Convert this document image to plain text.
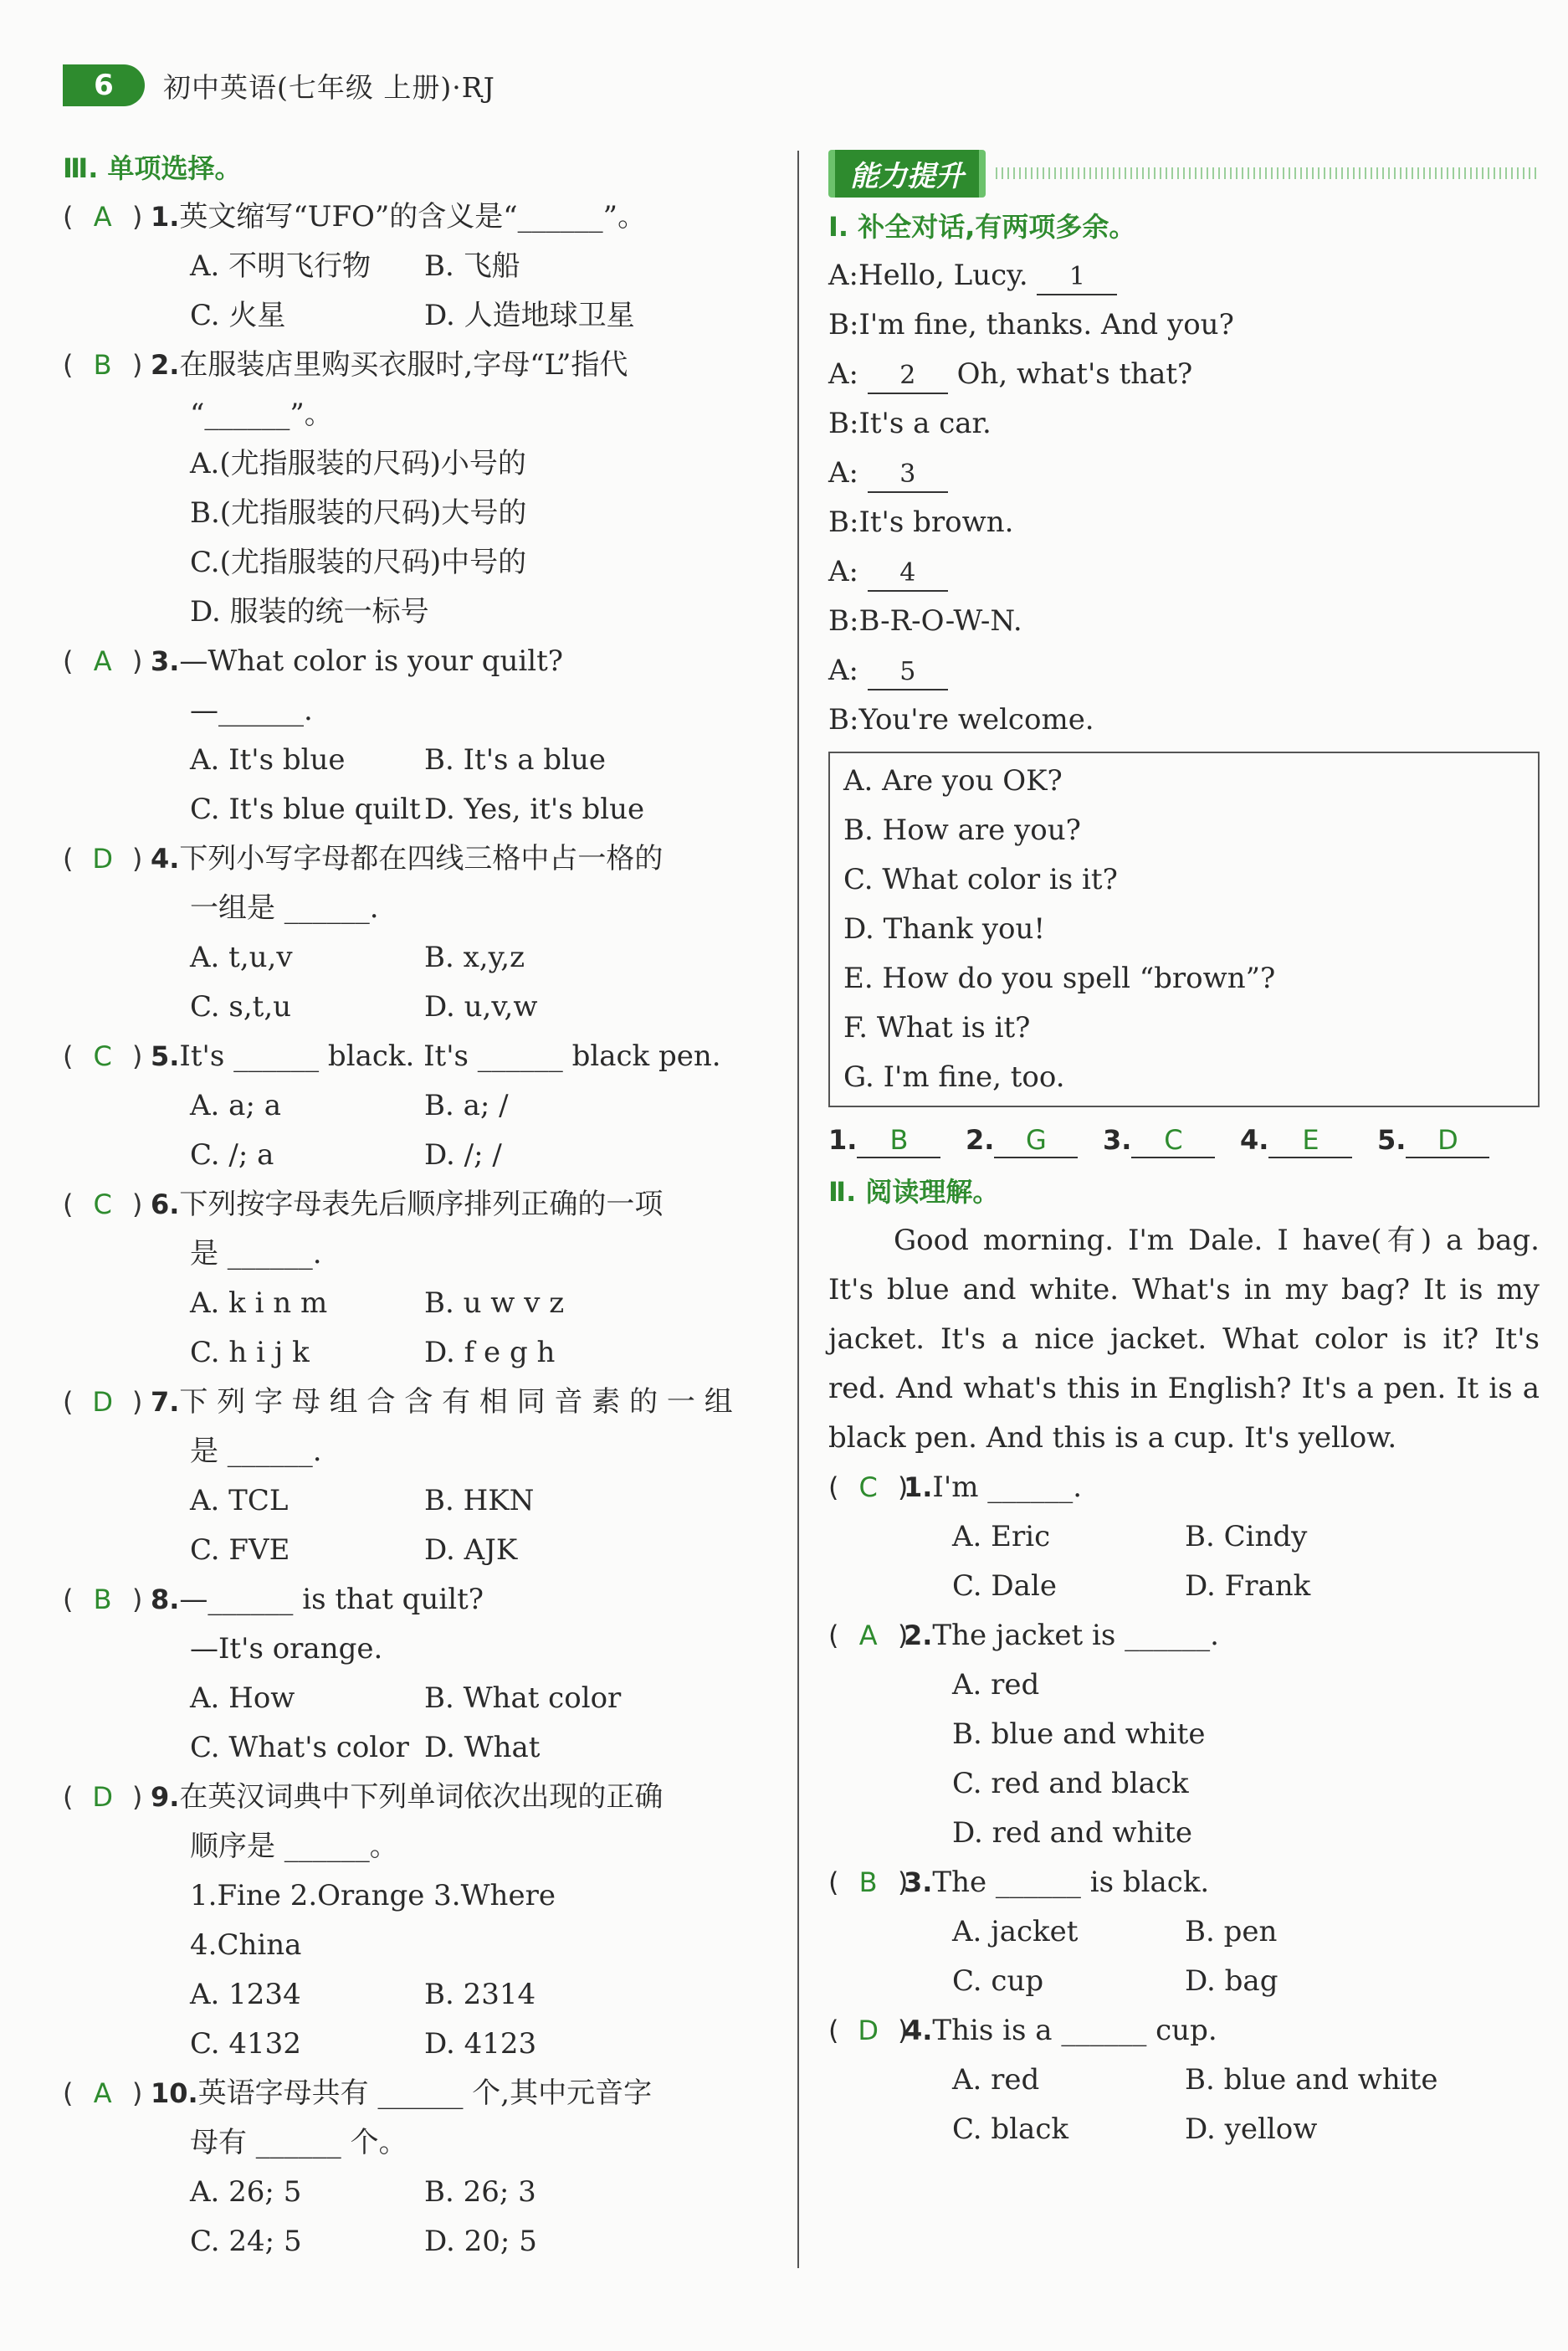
6	初中英语(七年级 上册)·RJ
Ⅲ. 单项选择。
( A ) 1.英文缩写“UFO”的含义是“______”。
A. 不明飞行物 B. 飞船
C. 火星	D. 人造地球卫星
( B ) 2.在服装店里购买衣服时,字母“L”指代
“______”。
A.(尤指服装的尺码)小号的
B.(尤指服装的尺码)大号的
C.(尤指服装的尺码)中号的
D. 服装的统一标号
( A ) 3.—What color is your quilt?
—______.
A. It's blue	B. It's a blue
C. It's blue quilt D. Yes, it's blue
( D ) 4.下列小写字母都在四线三格中占一格的
一组是 ______.
A. t,u,v	B. x,y,z
C. s,t,u	D. u,v,w
( C ) 5.It's ______ black. It's ______ black pen.
A. a; a	B. a; /
C. /; a	D. /; /
( C ) 6.下列按字母表先后顺序排列正确的一项
是 ______.
A. k i n m	B. u w v z
C. h i j k	D. f e g h
( D ) 7.下 列 字 母 组 合 含 有 相 同 音 素 的 一 组
是 ______.
A. TCL	B. HKN
C. FVE	D. AJK
( B ) 8.—______ is that quilt?
—It's orange.
A. How	B. What color
C. What's color D. What
( D ) 9.在英汉词典中下列单词依次出现的正确
顺序是 ______。
1.Fine 2.Orange 3.Where
4.China
A. 1234	B. 2314
C. 4132	D. 4123
( A ) 10.英语字母共有 ______ 个,其中元音字
母有 ______ 个。
A. 26; 5	B. 26; 3
C. 24; 5	D. 20; 5
能力提升
Ⅰ. 补全对话,有两项多余。
A:Hello, Lucy. 1
B:I'm fine, thanks. And you?
A: 2 Oh, what's that?
B:It's a car.
A: 3
B:It's brown.
A: 4
B:B-R-O-W-N.
A: 5
B:You're welcome.
A. Are you OK?
B. How are you?
C. What color is it?
D. Thank you!
E. How do you spell “brown”?
F. What is it?
G. I'm fine, too.
1. B	2. G	3. C	4. E	5. D
Ⅱ. 阅读理解。

Good morning. I'm Dale. I have(有) a bag. It's blue and white. What's in my bag? It is my jacket. It's a nice jacket. What color is it? It's red. And what's this in English? It's a pen. It is a black pen. And this is a cup. It's yellow.

( C )
1.I'm ______.
A. Eric	B. Cindy
C. Dale	D. Frank
( A )
2.The jacket is ______.
A. red
B. blue and white
C. red and black
D. red and white
( B )
3.The ______ is black.
A. jacket	B. pen
C. cup	D. bag
( D )
4.This is a ______ cup.
A. red	B. blue and white
C. black	D. yellow
